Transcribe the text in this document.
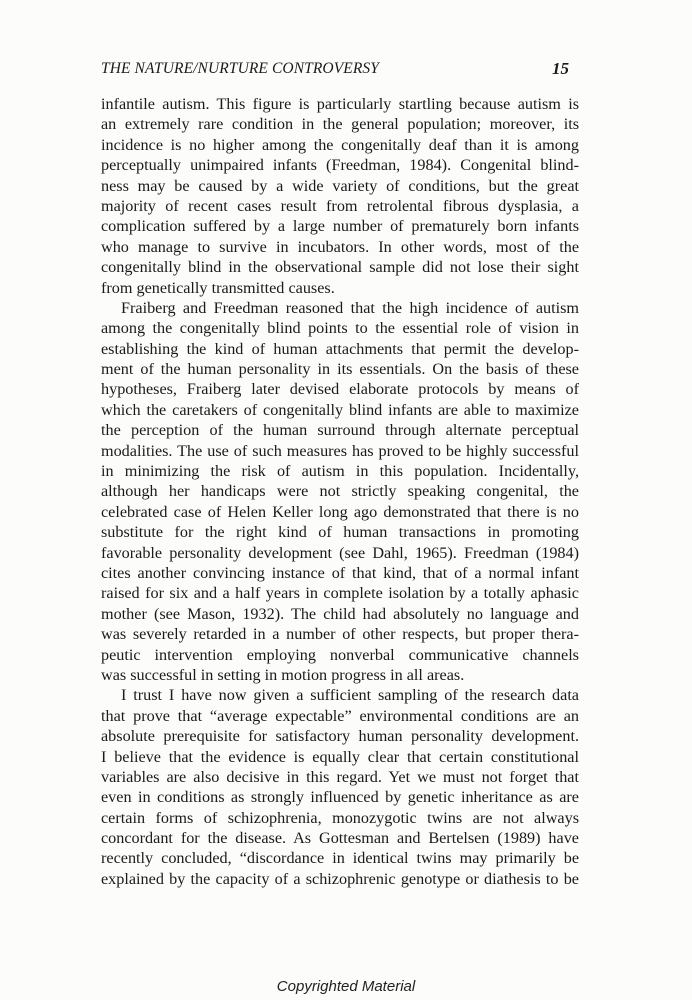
THE NATURE/NURTURE CONTROVERSY	15
infantile autism. This figure is particularly startling because autism is
an extremely rare condition in the general population; moreover, its
incidence is no higher among the congenitally deaf than it is among
perceptually unimpaired infants (Freedman, 1984). Congenital blind-
ness may be caused by a wide variety of conditions, but the great
majority of recent cases result from retrolental fibrous dysplasia, a
complication suffered by a large number of prematurely born infants
who manage to survive in incubators. In other words, most of the
congenitally blind in the observational sample did not lose their sight
from genetically transmitted causes.
Fraiberg and Freedman reasoned that the high incidence of autism
among the congenitally blind points to the essential role of vision in
establishing the kind of human attachments that permit the develop-
ment of the human personality in its essentials. On the basis of these
hypotheses, Fraiberg later devised elaborate protocols by means of
which the caretakers of congenitally blind infants are able to maximize
the perception of the human surround through alternate perceptual
modalities. The use of such measures has proved to be highly successful
in minimizing the risk of autism in this population. Incidentally,
although her handicaps were not strictly speaking congenital, the
celebrated case of Helen Keller long ago demonstrated that there is no
substitute for the right kind of human transactions in promoting
favorable personality development (see Dahl, 1965). Freedman (1984)
cites another convincing instance of that kind, that of a normal infant
raised for six and a half years in complete isolation by a totally aphasic
mother (see Mason, 1932). The child had absolutely no language and
was severely retarded in a number of other respects, but proper thera-
peutic intervention employing nonverbal communicative channels
was successful in setting in motion progress in all areas.
I trust I have now given a sufficient sampling of the research data
that prove that “average expectable” environmental conditions are an
absolute prerequisite for satisfactory human personality development.
I believe that the evidence is equally clear that certain constitutional
variables are also decisive in this regard. Yet we must not forget that
even in conditions as strongly influenced by genetic inheritance as are
certain forms of schizophrenia, monozygotic twins are not always
concordant for the disease. As Gottesman and Bertelsen (1989) have
recently concluded, “discordance in identical twins may primarily be
explained by the capacity of a schizophrenic genotype or diathesis to be
Copyrighted Material
